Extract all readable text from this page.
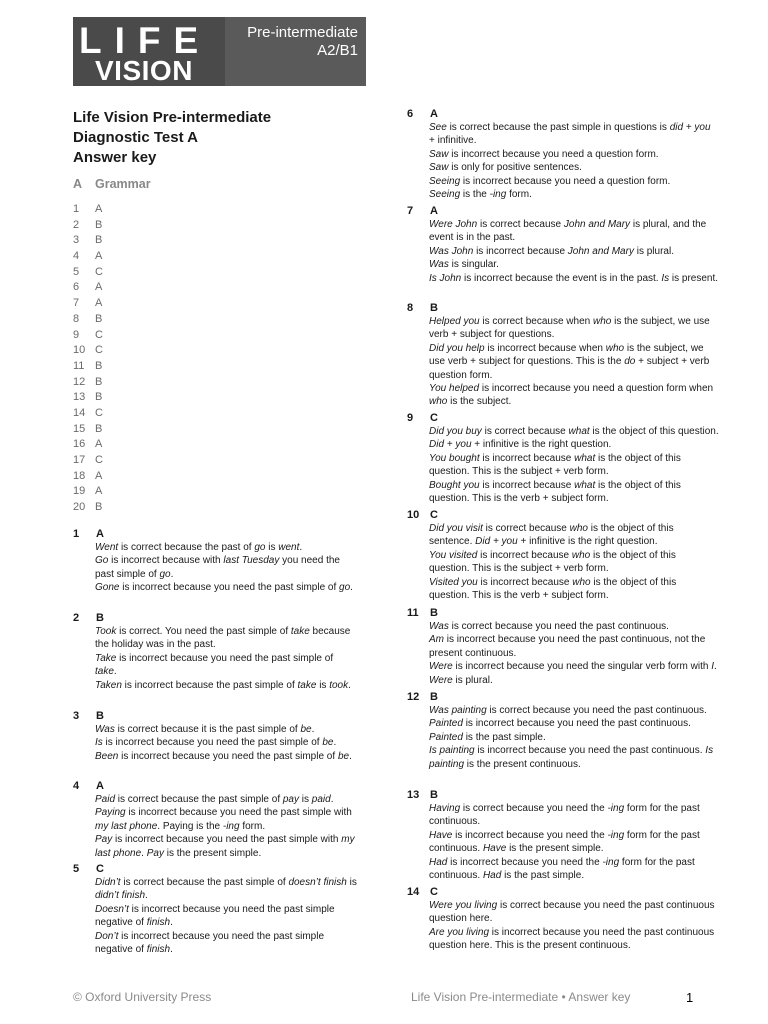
LIFE
VISION
Pre-intermediate
A2/B1
Life Vision Pre-intermediate
Diagnostic Test A
Answer key
A Grammar
1 A
2 B
3 B
4 A
5 C
6 A
7 A
8 B
9 C
10 C
11 B
12 B
13 B
14 C
15 B
16 A
17 C
18 A
19 A
20 B
1 A
Went is correct because the past of go is went.
Go is incorrect because with last Tuesday you need the past simple of go.
Gone is incorrect because you need the past simple of go.
2 B
Took is correct. You need the past simple of take because the holiday was in the past.
Take is incorrect because you need the past simple of take.
Taken is incorrect because the past simple of take is took.
3 B
Was is correct because it is the past simple of be.
Is is incorrect because you need the past simple of be.
Been is incorrect because you need the past simple of be.
4 A
Paid is correct because the past simple of pay is paid.
Paying is incorrect because you need the past simple with my last phone. Paying is the -ing form.
Pay is incorrect because you need the past simple with my last phone. Pay is the present simple.
5 C
Didn’t is correct because the past simple of doesn’t finish is didn’t finish.
Doesn’t is incorrect because you need the past simple negative of finish.
Don’t is incorrect because you need the past simple negative of finish.
6 A
See is correct because the past simple in questions is did + you + infinitive.
Saw is incorrect because you need a question form.
Saw is only for positive sentences.
Seeing is incorrect because you need a question form.
Seeing is the -ing form.
7 A
Were John is correct because John and Mary is plural, and the event is in the past.
Was John is incorrect because John and Mary is plural.
Was is singular.
Is John is incorrect because the event is in the past. Is is present.
8 B
Helped you is correct because when who is the subject, we use verb + subject for questions.
Did you help is incorrect because when who is the subject, we use verb + subject for questions. This is the do + subject + verb question form.
You helped is incorrect because you need a question form when who is the subject.
9 C
Did you buy is correct because what is the object of this question. Did + you + infinitive is the right question.
You bought is incorrect because what is the object of this question. This is the subject + verb form.
Bought you is incorrect because what is the object of this question. This is the verb + subject form.
10 C
Did you visit is correct because who is the object of this sentence. Did + you + infinitive is the right question.
You visited is incorrect because who is the object of this question. This is the subject + verb form.
Visited you is incorrect because who is the object of this question. This is the verb + subject form.
11 B
Was is correct because you need the past continuous.
Am is incorrect because you need the past continuous, not the present continuous.
Were is incorrect because you need the singular verb form with I. Were is plural.
12 B
Was painting is correct because you need the past continuous.
Painted is incorrect because you need the past continuous. Painted is the past simple.
Is painting is incorrect because you need the past continuous. Is painting is the present continuous.
13 B
Having is correct because you need the -ing form for the past continuous.
Have is incorrect because you need the -ing form for the past continuous. Have is the present simple.
Had is incorrect because you need the -ing form for the past continuous. Had is the past simple.
14 C
Were you living is correct because you need the past continuous question here.
Are you living is incorrect because you need the past continuous question here. This is the present continuous.
© Oxford University Press	Life Vision Pre-intermediate • Answer key	1
